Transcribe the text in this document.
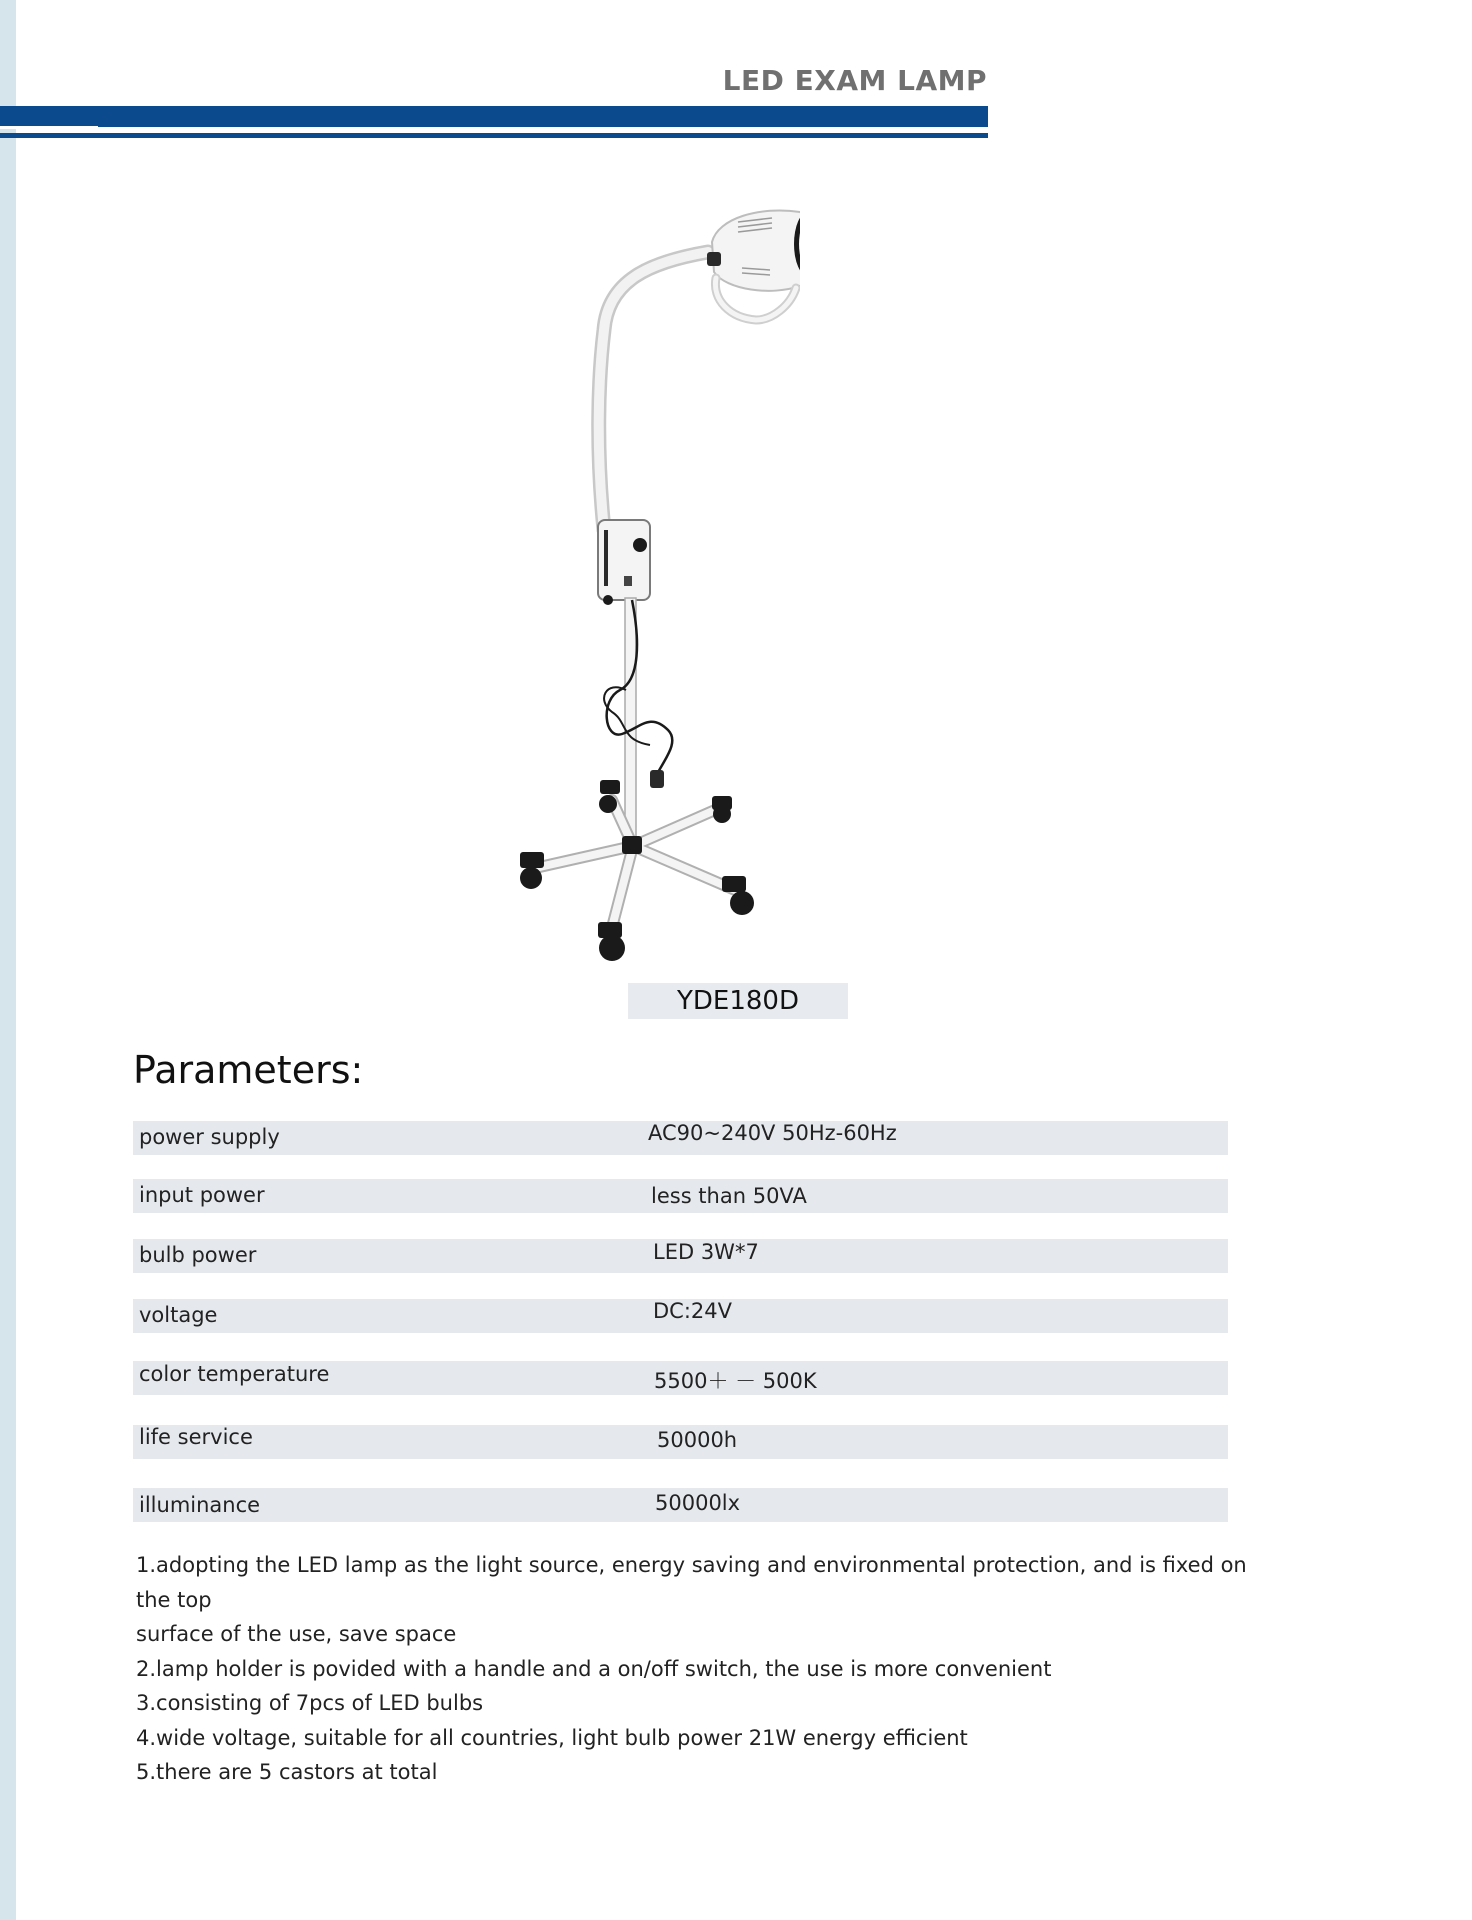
LED EXAM LAMP
YDE180D
Parameters:
power supply	AC90~240V 50Hz-60Hz
input power	less than 50VA
bulb power	LED 3W*7
voltage	DC:24V
color temperature	5500＋ － 500K
life service	50000h
illuminance	50000lx
1.adopting the LED lamp as the light source, energy saving and environmental protection, and is fixed on the top
surface of the use, save space
2.lamp holder is povided with a handle and a on/off switch, the use is more convenient
3.consisting of 7pcs of LED bulbs
4.wide voltage, suitable for all countries, light bulb power 21W energy efficient
5.there are 5 castors at total
